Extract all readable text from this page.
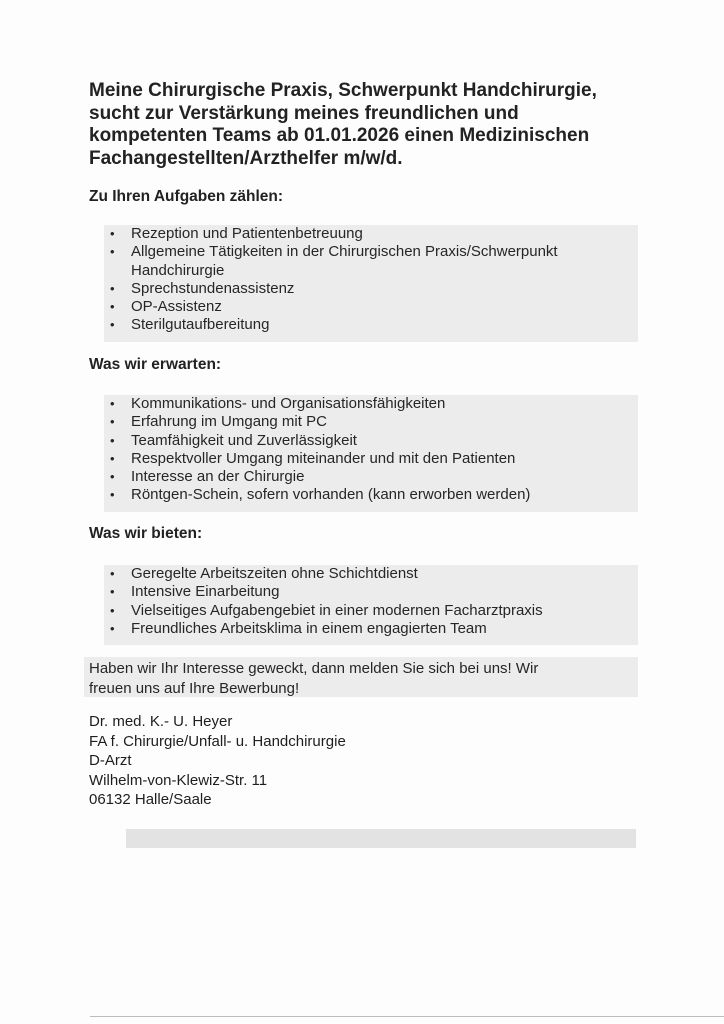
Meine Chirurgische Praxis, Schwerpunkt Handchirurgie,
sucht zur Verstärkung meines freundlichen und
kompetenten Teams ab 01.01.2026 einen Medizinischen
Fachangestellten/Arzthelfer m/w/d.
Zu Ihren Aufgaben zählen:
• Rezeption und Patientenbetreuung
• Allgemeine Tätigkeiten in der Chirurgischen Praxis/Schwerpunkt
Handchirurgie
• Sprechstundenassistenz
• OP-Assistenz
• Sterilgutaufbereitung
Was wir erwarten:
• Kommunikations- und Organisationsfähigkeiten
• Erfahrung im Umgang mit PC
• Teamfähigkeit und Zuverlässigkeit
• Respektvoller Umgang miteinander und mit den Patienten
• Interesse an der Chirurgie
• Röntgen-Schein, sofern vorhanden (kann erworben werden)
Was wir bieten:
• Geregelte Arbeitszeiten ohne Schichtdienst
• Intensive Einarbeitung
• Vielseitiges Aufgabengebiet in einer modernen Facharztpraxis
• Freundliches Arbeitsklima in einem engagierten Team
Haben wir Ihr Interesse geweckt, dann melden Sie sich bei uns! Wir
freuen uns auf Ihre Bewerbung!
Dr. med. K.- U. Heyer
FA f. Chirurgie/Unfall- u. Handchirurgie
D-Arzt
Wilhelm-von-Klewiz-Str. 11
06132 Halle/Saale
